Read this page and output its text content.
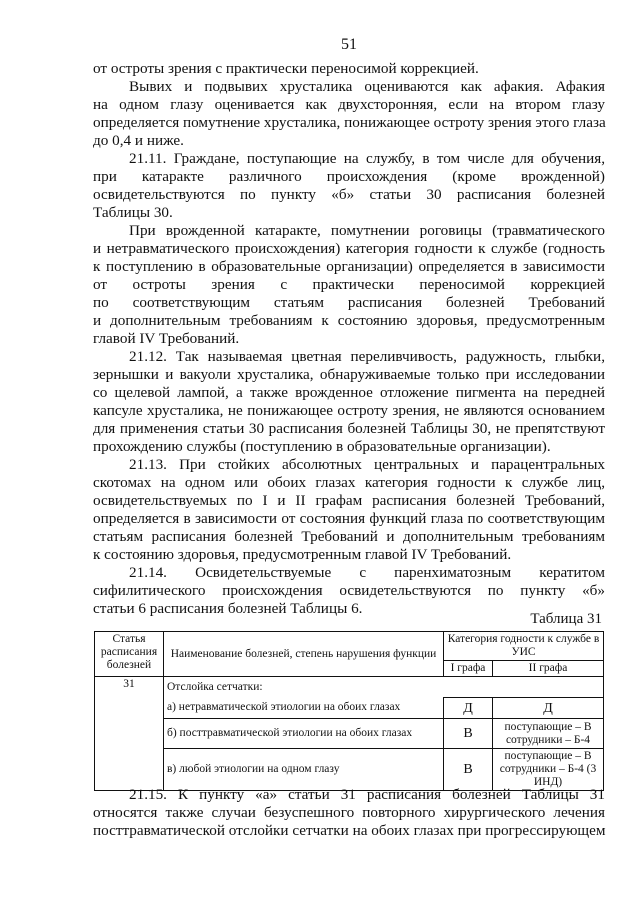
51
от остроты зрения с практически переносимой коррекцией.
Вывих и подвывих хрусталика оцениваются как афакия. Афакия
на одном глазу оценивается как двухсторонняя, если на втором глазу
определяется помутнение хрусталика, понижающее остроту зрения этого глаза
до 0,4 и ниже.
21.11. Граждане, поступающие на службу, в том числе для обучения,
при катаракте различного происхождения (кроме врожденной)
освидетельствуются по пункту «б» статьи 30 расписания болезней
Таблицы 30.
При врожденной катаракте, помутнении роговицы (травматического
и нетравматического происхождения) категория годности к службе (годность
к поступлению в образовательные организации) определяется в зависимости
от остроты зрения с практически переносимой коррекцией
по соответствующим статьям расписания болезней Требований
и дополнительным требованиям к состоянию здоровья, предусмотренным
главой IV Требований.
21.12. Так называемая цветная переливчивость, радужность, глыбки,
зернышки и вакуоли хрусталика, обнаруживаемые только при исследовании
со щелевой лампой, а также врожденное отложение пигмента на передней
капсуле хрусталика, не понижающее остроту зрения, не являются основанием
для применения статьи 30 расписания болезней Таблицы 30, не препятствуют
прохождению службы (поступлению в образовательные организации).
21.13. При стойких абсолютных центральных и парацентральных
скотомах на одном или обоих глазах категория годности к службе лиц,
освидетельствуемых по I и II графам расписания болезней Требований,
определяется в зависимости от состояния функций глаза по соответствующим
статьям расписания болезней Требований и дополнительным требованиям
к состоянию здоровья, предусмотренным главой IV Требований.
21.14. Освидетельствуемые с паренхиматозным кератитом
сифилитического происхождения освидетельствуются по пункту «б»
статьи 6 расписания болезней Таблицы 6.
Таблица 31
Статья расписания болезней	Наименование болезней, степень нарушения функции	Категория годности к службе в УИС	
		I графа	II графа
31	Отслойка сетчатки:		
	а) нетравматической этиологии на обоих глазах	Д	Д
	б) посттравматической этиологии на обоих глазах	В	поступающие – В
сотрудники – Б-4

	в) любой этиологии на одном глазу	В	поступающие – В
сотрудники – Б-4 (3 ИНД)
21.15. К пункту «а» статьи 31 расписания болезней Таблицы 31
относятся также случаи безуспешного повторного хирургического лечения
посттравматической отслойки сетчатки на обоих глазах при прогрессирующем
